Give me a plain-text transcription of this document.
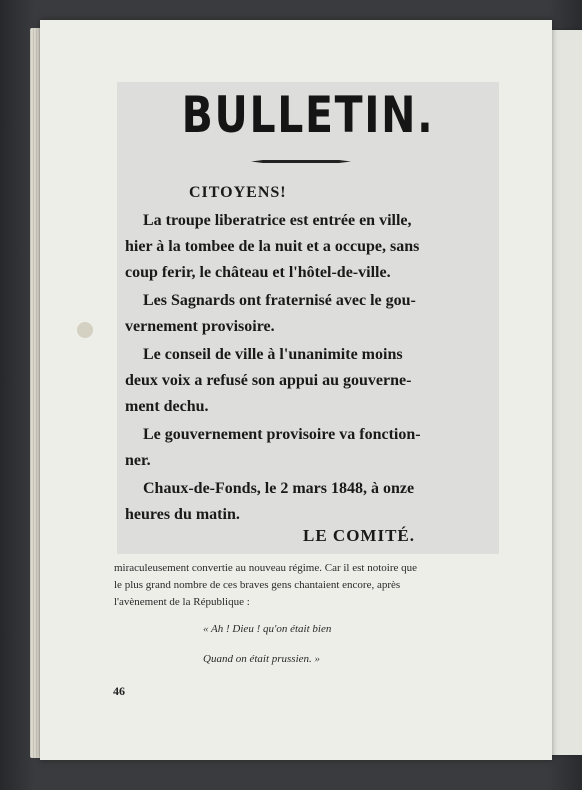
BULLETIN.
CITOYENS!
La troupe liberatrice est entrée en ville,
hier à la tombee de la nuit et a occupe, sans
coup ferir, le château et l'hôtel-de-ville.
Les Sagnards ont fraternisé avec le gou-
vernement provisoire.
Le conseil de ville à l'unanimite moins
deux voix a refusé son appui au gouverne-
ment dechu.
Le gouvernement provisoire va fonction-
ner.
Chaux-de-Fonds, le 2 mars 1848, à onze
heures du matin.
LE COMITÉ.
miraculeusement convertie au nouveau régime. Car il est notoire que
le plus grand nombre de ces braves gens chantaient encore, après
l'avènement de la République :
« Ah ! Dieu ! qu'on était bien
Quand on était prussien. »
46
